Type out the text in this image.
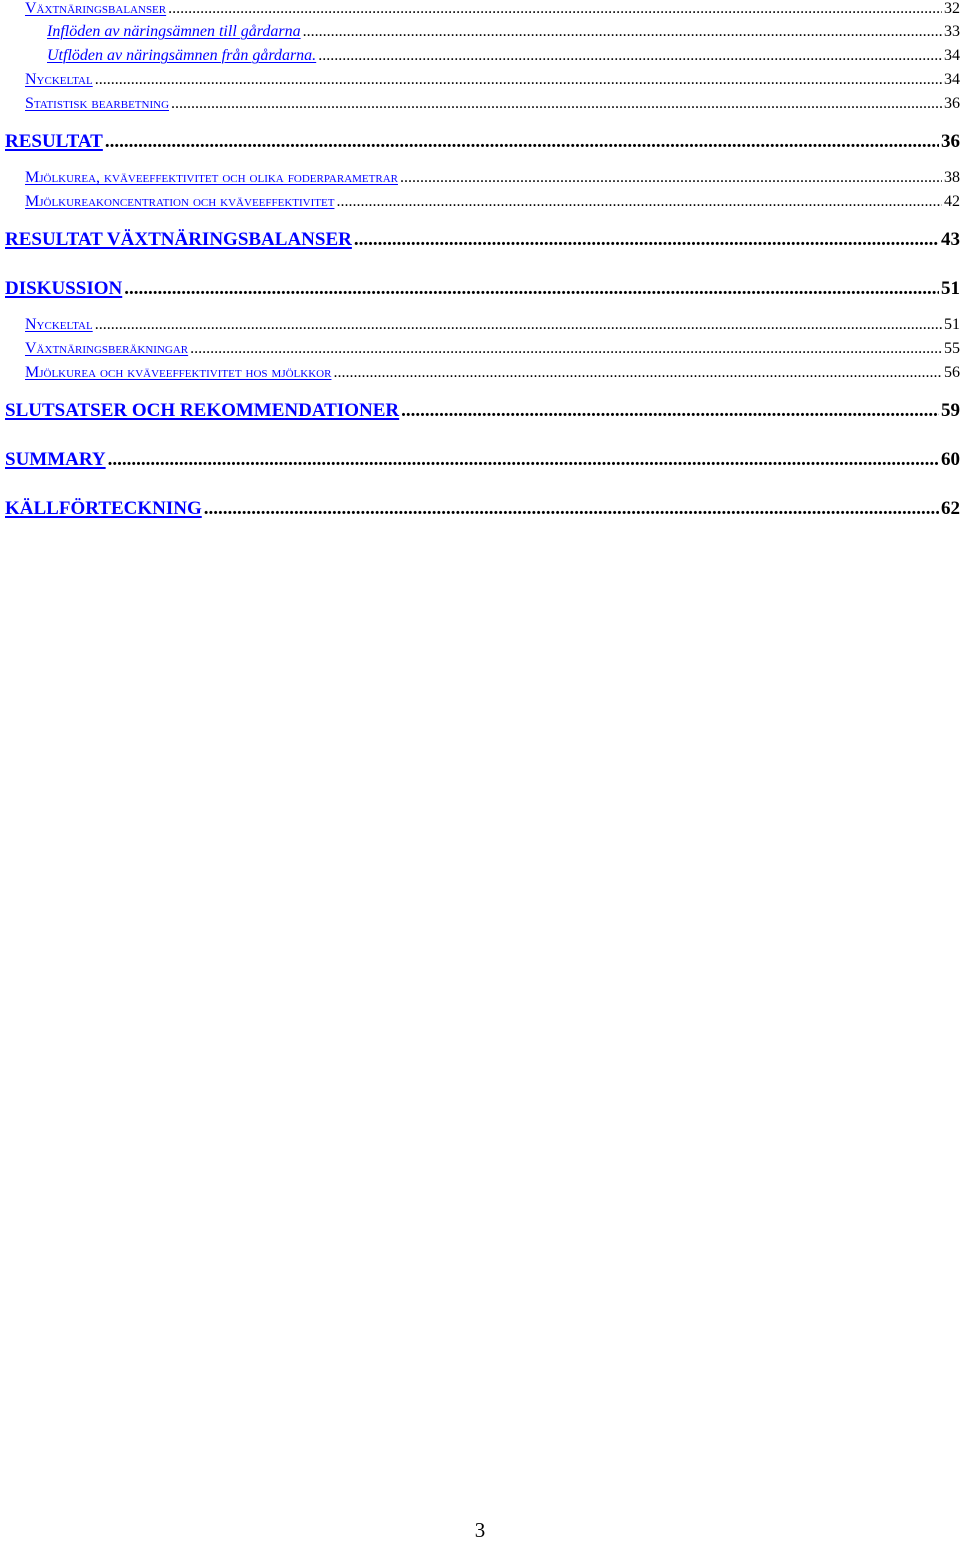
Växtnäringsbalanser .....	32
Inflöden av näringsämnen till gårdarna .....	33
Utflöden av näringsämnen från gårdarna. .....	34
Nyckeltal .....	34
Statistisk bearbetning .....	36
RESULTAT .....	36
Mjölkurea, kväveeffektivitet och olika foderparametrar .....	38
Mjölkureakoncentration och kväveeffektivitet .....	42
RESULTAT VÄXTNÄRINGSBALANSER .....	43
DISKUSSION .....	51
Nyckeltal .....	51
Växtnäringsberäkningar .....	55
Mjölkurea och kväveeffektivitet hos mjölkkor .....	56
SLUTSATSER OCH REKOMMENDATIONER .....	59
SUMMARY .....	60
KÄLLFÖRTECKNING .....	62
3
